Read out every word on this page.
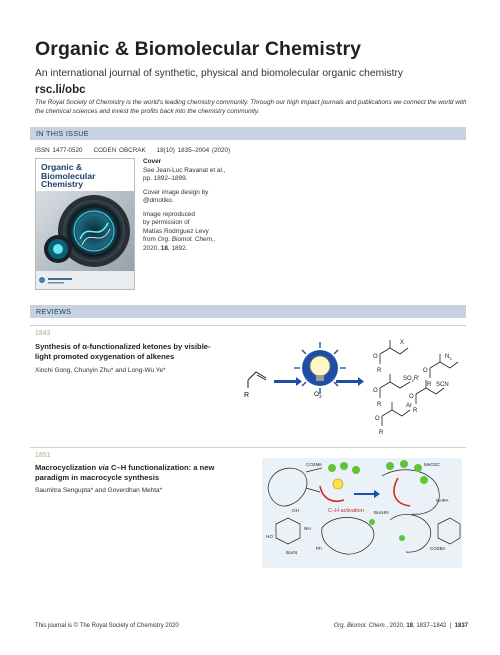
Organic & Biomolecular Chemistry
An international journal of synthetic, physical and biomolecular organic chemistry
rsc.li/obc
The Royal Society of Chemistry is the world's leading chemistry community. Through our high impact journals and publications we connect the world with the chemical sciences and invest the profits back into the chemistry community.
IN THIS ISSUE
ISSN 1477-0520 CODEN OBCRAK 18(10) 1835–2004 (2020)
Organic &
Biomolecular
Chemistry
Cover
See Jean-Luc Ravanat et al.,
pp. 1892–1899.
Cover image design by
@dmotiko.
Image reproduced
by permission of
Matías Rodríguez Levy
from Org. Biomol. Chem.,
2020, 18, 1892.
REVIEWS
1843
Synthesis of α-functionalized ketones by visible-
light promoted oxygenation of alkenes
Xinchi Gong, Chunyin Zhu* and Long-Wu Ye*
R	$O_2$
X
O
R
$SO_2R'$
O
R
$N_3$
O
R SCN
O
R
Ar
O
R
1851
Macrocyclization via C–H functionalization: a new
paradigm in macrocycle synthesis
Saumitra Sengupta* and Goverdhan Mehta*
C–H activation
CO2Me	MeO2C
NHPA
BocHN
CO2Bn
BocN
OH
NH
Ph
HO
This journal is © The Royal Society of Chemistry 2020	Org. Biomol. Chem., 2020, 18, 1837–1842 | 1837
